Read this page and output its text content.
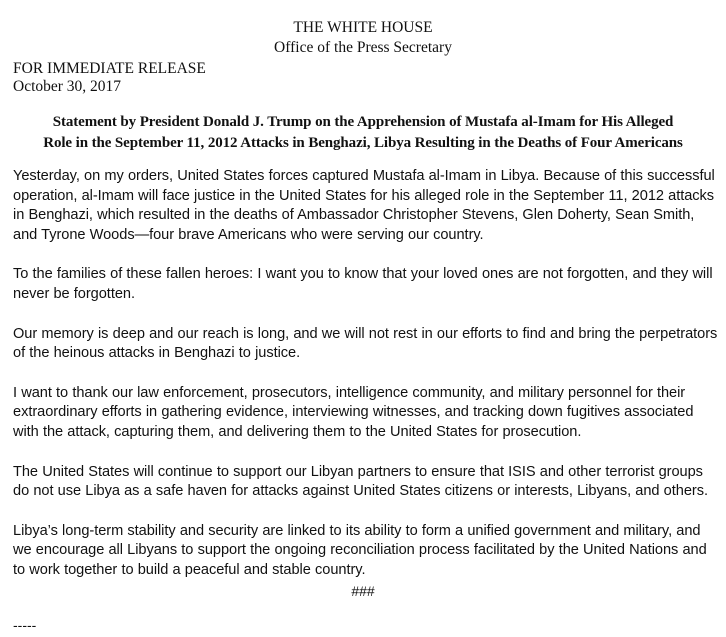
THE WHITE HOUSE
Office of the Press Secretary
FOR IMMEDIATE RELEASE
October 30, 2017
Statement by President Donald J. Trump on the Apprehension of Mustafa al-Imam for His Alleged
Role in the September 11, 2012 Attacks in Benghazi, Libya Resulting in the Deaths of Four Americans

Yesterday, on my orders, United States forces captured Mustafa al-Imam in Libya. Because of this successful operation, al-Imam will face justice in the United States for his alleged role in the September 11, 2012 attacks in Benghazi, which resulted in the deaths of Ambassador Christopher Stevens, Glen Doherty, Sean Smith, and Tyrone Woods—four brave Americans who were serving our country.

To the families of these fallen heroes: I want you to know that your loved ones are not forgotten, and they will never be forgotten.

Our memory is deep and our reach is long, and we will not rest in our efforts to find and bring the perpetrators of the heinous attacks in Benghazi to justice.

I want to thank our law enforcement, prosecutors, intelligence community, and military personnel for their extraordinary efforts in gathering evidence, interviewing witnesses, and tracking down fugitives associated with the attack, capturing them, and delivering them to the United States for prosecution.

The United States will continue to support our Libyan partners to ensure that ISIS and other terrorist groups do not use Libya as a safe haven for attacks against United States citizens or interests, Libyans, and others.

Libya’s long-term stability and security are linked to its ability to form a unified government and military, and we encourage all Libyans to support the ongoing reconciliation process facilitated by the United Nations and to work together to build a peaceful and stable country.

###
-----
